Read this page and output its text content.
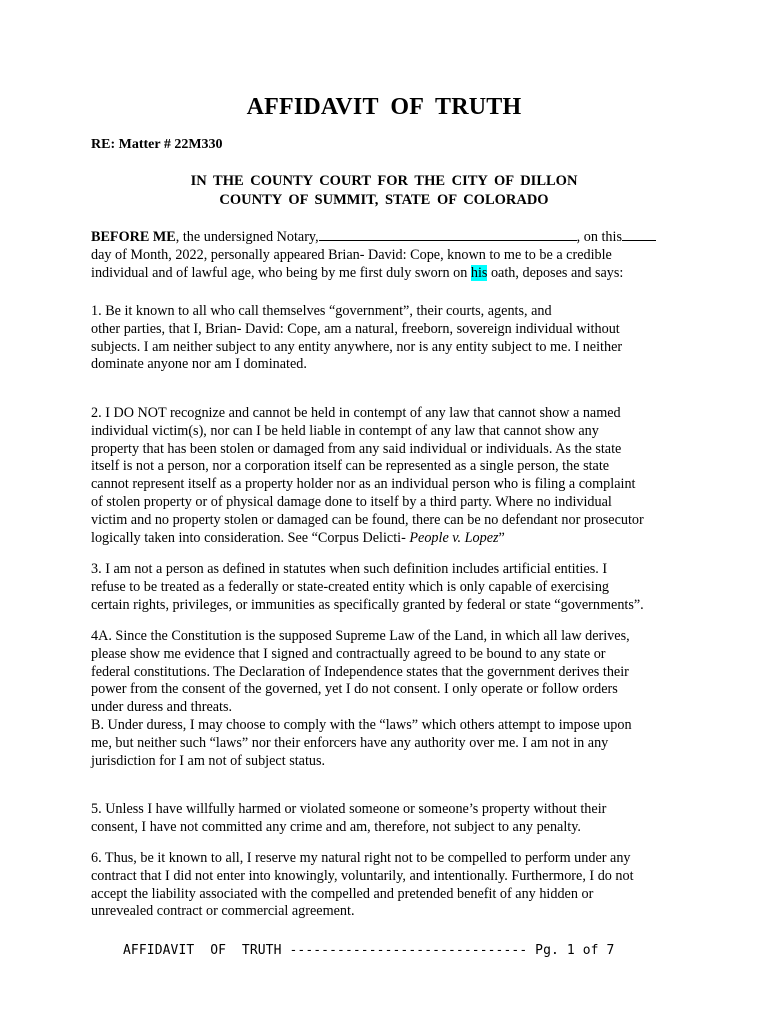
AFFIDAVIT OF TRUTH
RE: Matter # 22M330
IN THE COUNTY COURT FOR THE CITY OF DILLON
COUNTY OF SUMMIT, STATE OF COLORADO
BEFORE ME, the undersigned Notary,	, on this
day of Month, 2022, personally appeared Brian- David: Cope, known to me to be a credible
individual and of lawful age, who being by me first duly sworn on his oath, deposes and says:
1. Be it known to all who call themselves “government”, their courts, agents, and
other parties, that I, Brian- David: Cope, am a natural, freeborn, sovereign individual without
subjects. I am neither subject to any entity anywhere, nor is any entity subject to me. I neither
dominate anyone nor am I dominated.
2. I DO NOT recognize and cannot be held in contempt of any law that cannot show a named
individual victim(s), nor can I be held liable in contempt of any law that cannot show any
property that has been stolen or damaged from any said individual or individuals. As the state
itself is not a person, nor a corporation itself can be represented as a single person, the state
cannot represent itself as a property holder nor as an individual person who is filing a complaint
of stolen property or of physical damage done to itself by a third party. Where no individual
victim and no property stolen or damaged can be found, there can be no defendant nor prosecutor
logically taken into consideration. See “Corpus Delicti- People v. Lopez”
3. I am not a person as defined in statutes when such definition includes artificial entities. I
refuse to be treated as a federally or state-created entity which is only capable of exercising
certain rights, privileges, or immunities as specifically granted by federal or state “governments”.
4A. Since the Constitution is the supposed Supreme Law of the Land, in which all law derives,
please show me evidence that I signed and contractually agreed to be bound to any state or
federal constitutions. The Declaration of Independence states that the government derives their
power from the consent of the governed, yet I do not consent. I only operate or follow orders
under duress and threats.
B. Under duress, I may choose to comply with the “laws” which others attempt to impose upon
me, but neither such “laws” nor their enforcers have any authority over me. I am not in any
jurisdiction for I am not of subject status.
5. Unless I have willfully harmed or violated someone or someone’s property without their
consent, I have not committed any crime and am, therefore, not subject to any penalty.
6. Thus, be it known to all, I reserve my natural right not to be compelled to perform under any
contract that I did not enter into knowingly, voluntarily, and intentionally. Furthermore, I do not
accept the liability associated with the compelled and pretended benefit of any hidden or
unrevealed contract or commercial agreement.
AFFIDAVIT  OF  TRUTH ------------------------------ Pg. 1 of 7
